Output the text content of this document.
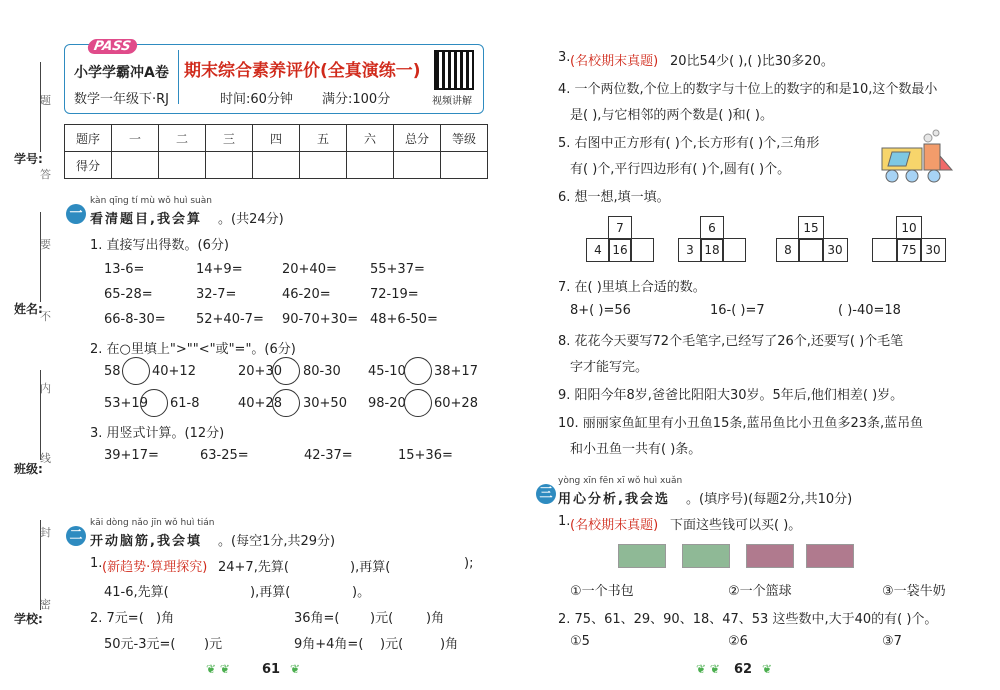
学号:
姓名:
班级:
学校:
题
答
要
不
内
线
封
密
PASS
小学学霸冲A卷
数学一年级下·RJ
期末综合素养评价(全真演练一)
时间:60分钟 满分:100分	视频讲解
题序	一	二	三	四	五	六	总分	等级
得分								
kàn qīng tí mù wǒ huì suàn
一 看清题目,我会算 。(共24分)
1. 直接写出得数。(6分)
13-6=	14+9=	20+40=	55+37=
65-28=	32-7=	46-20=	72-19=
66-8-30= 52+40-7= 90-70+30= 48+6-50=
2. 在○里填上">""<"或"="。(6分)
58 40+12	20+30 80-30 45-10 38+17
53+19 61-8	40+28 30+50 98-20 60+28
3. 用竖式计算。(12分)
39+17=	63-25=	42-37=	15+36=
kāi dòng nǎo jīn wǒ huì tián
二 开动脑筋,我会填 。(每空1分,共29分)
1. (新趋势·算理探究) 24+7,先算(	),再算(	);
41-6,先算(	),再算(	)。
2. 7元=( )角	36角=( )元(	)角
50元-3元=( )元	9角+4角=( )元(	)角
❦ ❦ 61 ❦
3. (名校期末真题) 20比54少( ),( )比30多20。
4. 一个两位数,个位上的数字与十位上的数字的和是10,这个数最小
是( ),与它相邻的两个数是( )和( )。
5. 右图中正方形有( )个,长方形有( )个,三角形
有( )个,平行四边形有( )个,圆有( )个。
6. 想一想,填一填。
7
4 16
6
3 18
15
8	30
10
75 30
7. 在( )里填上合适的数。
8+( )=56	16-( )=7	( )-40=18
8. 花花今天要写72个毛笔字,已经写了26个,还要写( )个毛笔
字才能写完。
9. 阳阳今年8岁,爸爸比阳阳大30岁。5年后,他们相差( )岁。
10. 丽丽家鱼缸里有小丑鱼15条,蓝吊鱼比小丑鱼多23条,蓝吊鱼
和小丑鱼一共有( )条。
yòng xīn fēn xī wǒ huì xuǎn
三 用心分析,我会选 。(填序号)(每题2分,共10分)
1. (名校期末真题) 下面这些钱可以买( )。
①一个书包	②一个篮球	③一袋牛奶
2. 75、61、29、90、18、47、53 这些数中,大于40的有( )个。
①5	②6	③7
❦ ❦ 62 ❦
